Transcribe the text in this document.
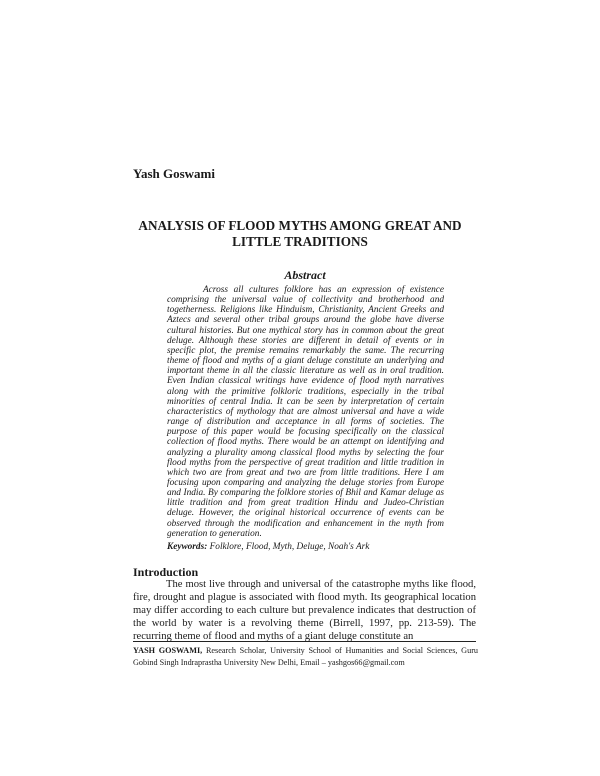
Yash Goswami
ANALYSIS OF FLOOD MYTHS AMONG GREAT AND LITTLE TRADITIONS
Abstract

Across all cultures folklore has an expression of existence comprising the universal value of collectivity and brotherhood and togetherness. Religions like Hinduism, Christianity, Ancient Greeks and Aztecs and several other tribal groups around the globe have diverse cultural histories. But one mythical story has in common about the great deluge. Although these stories are different in detail of events or in specific plot, the premise remains remarkably the same. The recurring theme of flood and myths of a giant deluge constitute an underlying and important theme in all the classic literature as well as in oral tradition. Even Indian classical writings have evidence of flood myth narratives along with the primitive folkloric traditions, especially in the tribal minorities of central India. It can be seen by interpretation of certain characteristics of mythology that are almost universal and have a wide range of distribution and acceptance in all forms of societies. The purpose of this paper would be focusing specifically on the classical collection of flood myths. There would be an attempt on identifying and analyzing a plurality among classical flood myths by selecting the four flood myths from the perspective of great tradition and little tradition in which two are from great and two are from little traditions. Here I am focusing upon comparing and analyzing the deluge stories from Europe and India. By comparing the folklore stories of Bhil and Kamar deluge as little tradition and from great tradition Hindu and Judeo-Christian deluge. However, the original historical occurrence of events can be observed through the modification and enhancement in the myth from generation to generation.

Keywords: Folklore, Flood, Myth, Deluge, Noah's Ark
Introduction

The most live through and universal of the catastrophe myths like flood, fire, drought and plague is associated with flood myth. Its geographical location may differ according to each culture but prevalence indicates that destruction of the world by water is a revolving theme (Birrell, 1997, pp. 213-59). The recurring theme of flood and myths of a giant deluge constitute an

YASH GOSWAMI, Research Scholar, University School of Humanities and Social Sciences, Guru Gobind Singh Indraprastha University New Delhi, Email – yashgos66@gmail.com
